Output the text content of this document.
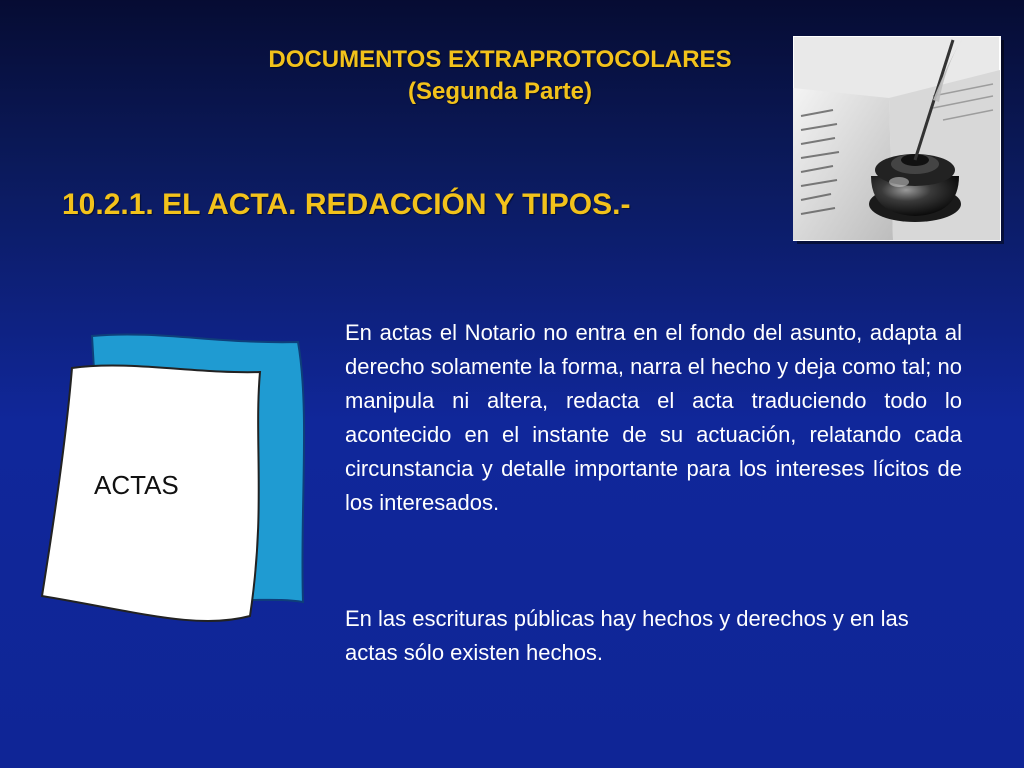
DOCUMENTOS EXTRAPROTOCOLARES
(Segunda Parte)
10.2.1. EL ACTA. REDACCIÓN Y TIPOS.-
ACTAS

En actas el Notario no entra en el fondo del asunto, adapta al derecho solamente la forma, narra el hecho y deja como tal; no manipula ni altera, redacta el acta traduciendo todo lo acontecido en el instante de su actuación, relatando cada circunstancia y detalle importante para los intereses lícitos de los interesados.

En las escrituras públicas hay hechos y derechos y en las actas sólo existen hechos.
